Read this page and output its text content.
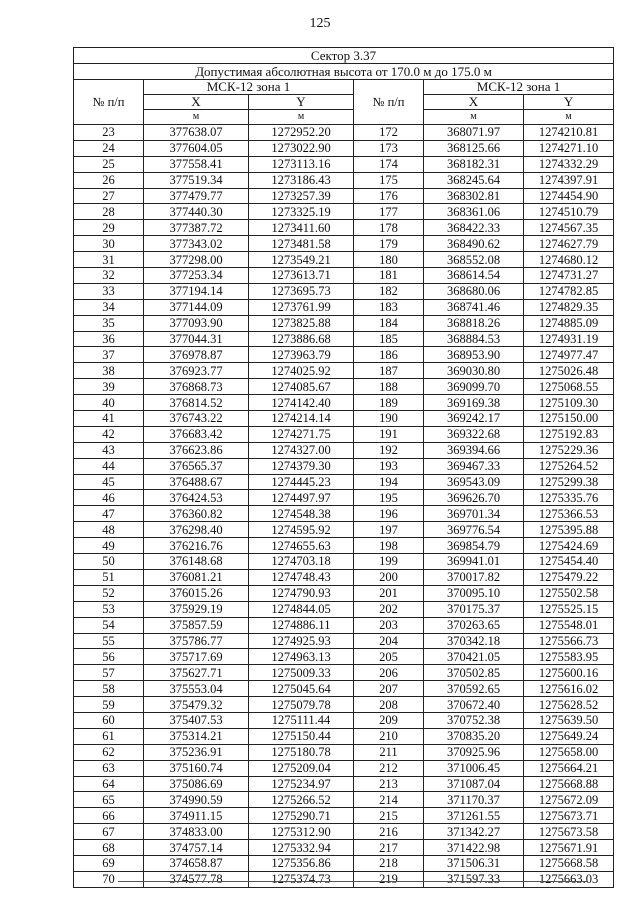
125
Сектор 3.37					
Допустимая абсолютная высота от 170.0 м до 175.0 м					
№ п/п	МСК-12 зона 1		№ п/п	МСК-12 зона 1	
	X	Y		X	Y
	м	м		м	м
23	377638.07	1272952.20	172	368071.97	1274210.81
24	377604.05	1273022.90	173	368125.66	1274271.10
25	377558.41	1273113.16	174	368182.31	1274332.29
26	377519.34	1273186.43	175	368245.64	1274397.91
27	377479.77	1273257.39	176	368302.81	1274454.90
28	377440.30	1273325.19	177	368361.06	1274510.79
29	377387.72	1273411.60	178	368422.33	1274567.35
30	377343.02	1273481.58	179	368490.62	1274627.79
31	377298.00	1273549.21	180	368552.08	1274680.12
32	377253.34	1273613.71	181	368614.54	1274731.27
33	377194.14	1273695.73	182	368680.06	1274782.85
34	377144.09	1273761.99	183	368741.46	1274829.35
35	377093.90	1273825.88	184	368818.26	1274885.09
36	377044.31	1273886.68	185	368884.53	1274931.19
37	376978.87	1273963.79	186	368953.90	1274977.47
38	376923.77	1274025.92	187	369030.80	1275026.48
39	376868.73	1274085.67	188	369099.70	1275068.55
40	376814.52	1274142.40	189	369169.38	1275109.30
41	376743.22	1274214.14	190	369242.17	1275150.00
42	376683.42	1274271.75	191	369322.68	1275192.83
43	376623.86	1274327.00	192	369394.66	1275229.36
44	376565.37	1274379.30	193	369467.33	1275264.52
45	376488.67	1274445.23	194	369543.09	1275299.38
46	376424.53	1274497.97	195	369626.70	1275335.76
47	376360.82	1274548.38	196	369701.34	1275366.53
48	376298.40	1274595.92	197	369776.54	1275395.88
49	376216.76	1274655.63	198	369854.79	1275424.69
50	376148.68	1274703.18	199	369941.01	1275454.40
51	376081.21	1274748.43	200	370017.82	1275479.22
52	376015.26	1274790.93	201	370095.10	1275502.58
53	375929.19	1274844.05	202	370175.37	1275525.15
54	375857.59	1274886.11	203	370263.65	1275548.01
55	375786.77	1274925.93	204	370342.18	1275566.73
56	375717.69	1274963.13	205	370421.05	1275583.95
57	375627.71	1275009.33	206	370502.85	1275600.16
58	375553.04	1275045.64	207	370592.65	1275616.02
59	375479.32	1275079.78	208	370672.40	1275628.52
60	375407.53	1275111.44	209	370752.38	1275639.50
61	375314.21	1275150.44	210	370835.20	1275649.24
62	375236.91	1275180.78	211	370925.96	1275658.00
63	375160.74	1275209.04	212	371006.45	1275664.21
64	375086.69	1275234.97	213	371087.04	1275668.88
65	374990.59	1275266.52	214	371170.37	1275672.09
66	374911.15	1275290.71	215	371261.55	1275673.71
67	374833.00	1275312.90	216	371342.27	1275673.58
68	374757.14	1275332.94	217	371422.98	1275671.91
69	374658.87	1275356.86	218	371506.31	1275668.58
70	374577.78	1275374.73	219	371597.33	1275663.03
